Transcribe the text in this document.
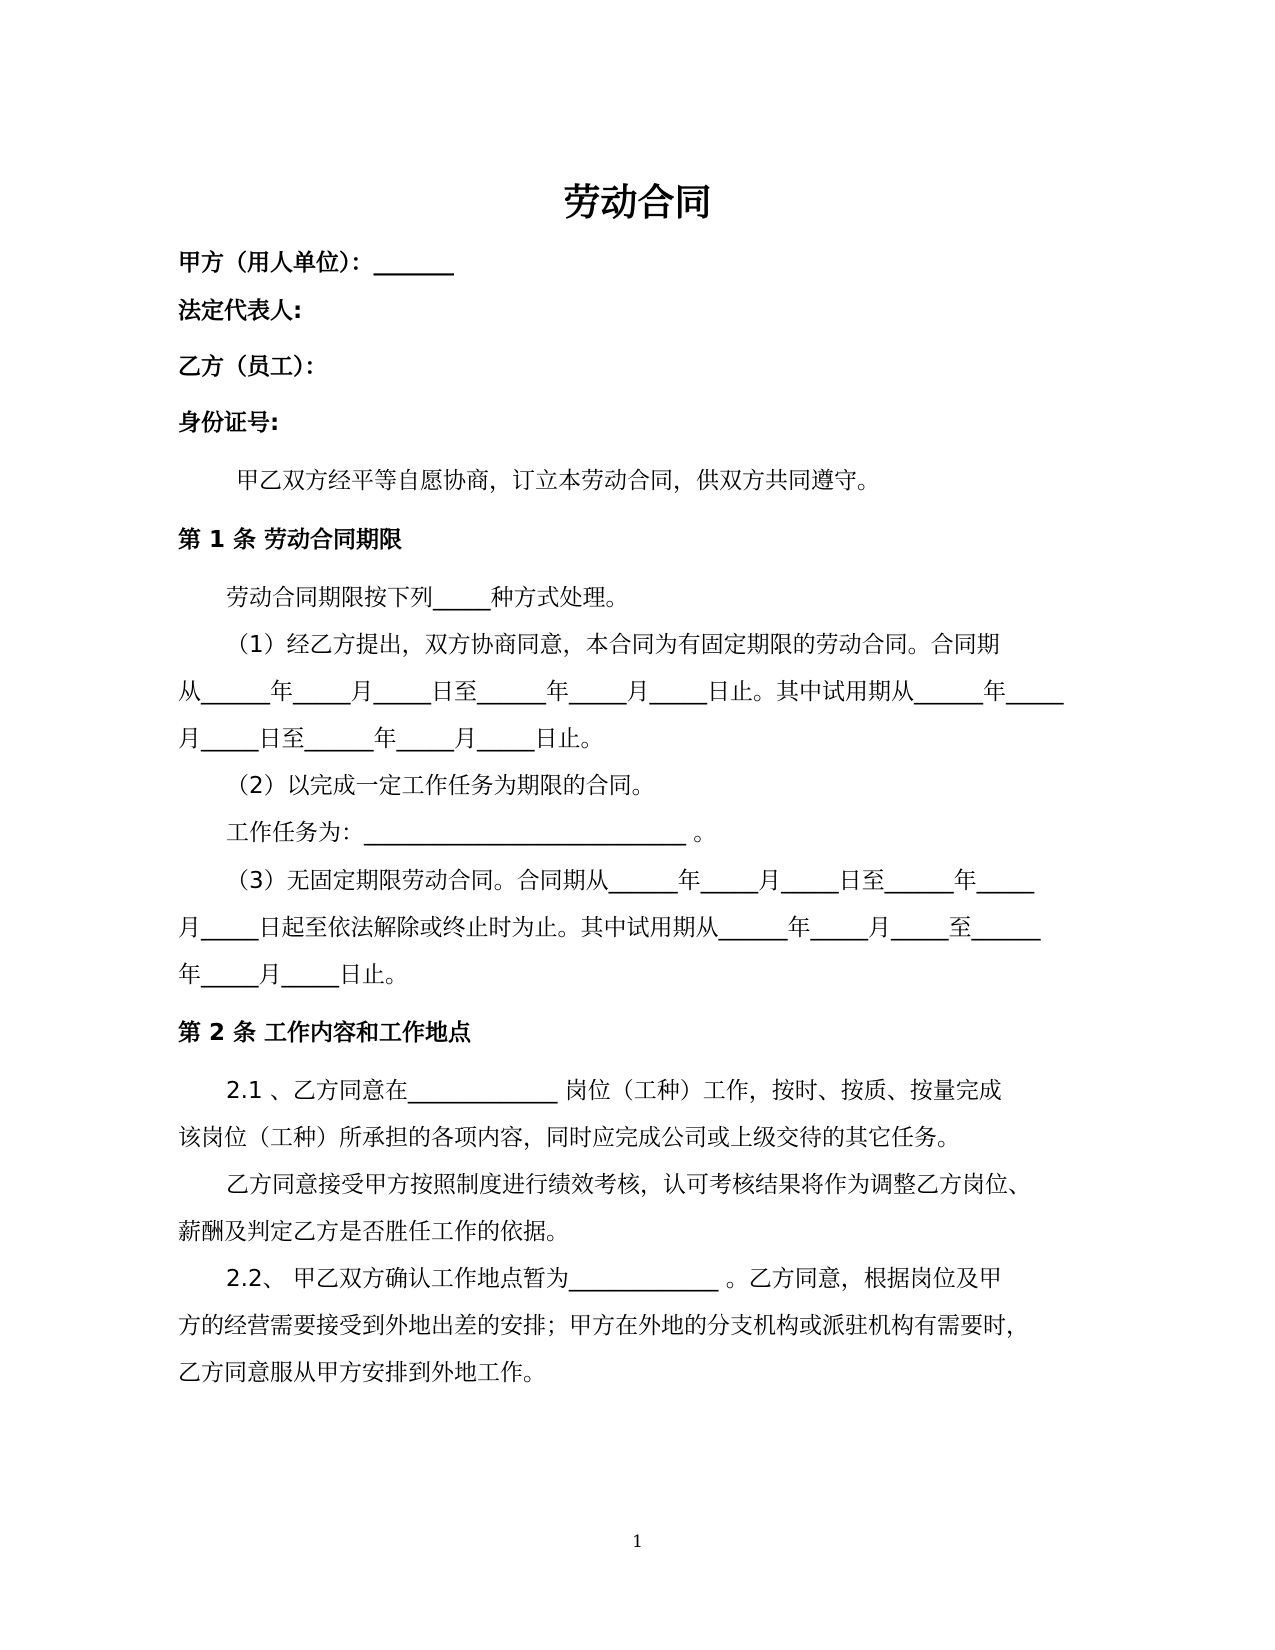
劳动合同
甲方（用人单位）：_______
法定代表人:
乙方（员工）：
身份证号:
甲乙双方经平等自愿协商，订立本劳动合同，供双方共同遵守。
第 1 条 劳动合同期限
劳动合同期限按下列_____种方式处理。
（1）经乙方提出，双方协商同意，本合同为有固定期限的劳动合同。合同期
从______年_____月_____日至______年_____月_____日止。其中试用期从______年_____
月_____日至______年_____月_____日止。
（2）以完成一定工作任务为期限的合同。
工作任务为：____________________________ 。
（3）无固定期限劳动合同。合同期从______年_____月_____日至______年_____
月_____日起至依法解除或终止时为止。其中试用期从______年_____月_____至______
年_____月_____日止。
第 2 条 工作内容和工作地点
2.1 、乙方同意在_____________ 岗位（工种）工作，按时、按质、按量完成
该岗位（工种）所承担的各项内容，同时应完成公司或上级交待的其它任务。
乙方同意接受甲方按照制度进行绩效考核，认可考核结果将作为调整乙方岗位、
薪酬及判定乙方是否胜任工作的依据。
2.2、 甲乙双方确认工作地点暂为_____________ 。乙方同意，根据岗位及甲
方的经营需要接受到外地出差的安排；甲方在外地的分支机构或派驻机构有需要时，
乙方同意服从甲方安排到外地工作。
1
